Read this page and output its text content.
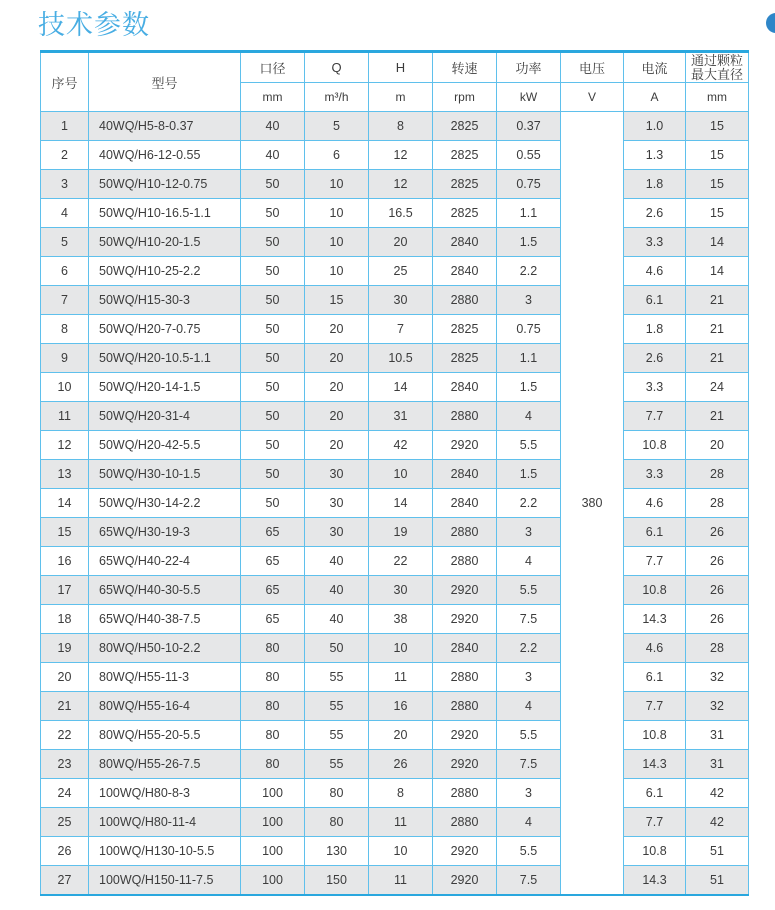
技术参数
序号	型号	口径	Q	H	转速	功率	电压	电流	通过颗粒最大直径
		mm	m³/h	m	rpm	kW	V	A	mm
1	40WQ/H5-8-0.37	40	5	8	2825	0.37	380	1.0	15
2	40WQ/H6-12-0.55	40	6	12	2825	0.55		1.3	15
3	50WQ/H10-12-0.75	50	10	12	2825	0.75		1.8	15
4	50WQ/H10-16.5-1.1	50	10	16.5	2825	1.1		2.6	15
5	50WQ/H10-20-1.5	50	10	20	2840	1.5		3.3	14
6	50WQ/H10-25-2.2	50	10	25	2840	2.2		4.6	14
7	50WQ/H15-30-3	50	15	30	2880	3		6.1	21
8	50WQ/H20-7-0.75	50	20	7	2825	0.75		1.8	21
9	50WQ/H20-10.5-1.1	50	20	10.5	2825	1.1		2.6	21
10	50WQ/H20-14-1.5	50	20	14	2840	1.5		3.3	24
11	50WQ/H20-31-4	50	20	31	2880	4		7.7	21
12	50WQ/H20-42-5.5	50	20	42	2920	5.5		10.8	20
13	50WQ/H30-10-1.5	50	30	10	2840	1.5		3.3	28
14	50WQ/H30-14-2.2	50	30	14	2840	2.2		4.6	28
15	65WQ/H30-19-3	65	30	19	2880	3		6.1	26
16	65WQ/H40-22-4	65	40	22	2880	4		7.7	26
17	65WQ/H40-30-5.5	65	40	30	2920	5.5		10.8	26
18	65WQ/H40-38-7.5	65	40	38	2920	7.5		14.3	26
19	80WQ/H50-10-2.2	80	50	10	2840	2.2		4.6	28
20	80WQ/H55-11-3	80	55	11	2880	3		6.1	32
21	80WQ/H55-16-4	80	55	16	2880	4		7.7	32
22	80WQ/H55-20-5.5	80	55	20	2920	5.5		10.8	31
23	80WQ/H55-26-7.5	80	55	26	2920	7.5		14.3	31
24	100WQ/H80-8-3	100	80	8	2880	3		6.1	42
25	100WQ/H80-11-4	100	80	11	2880	4		7.7	42
26	100WQ/H130-10-5.5	100	130	10	2920	5.5		10.8	51
27	100WQ/H150-11-7.5	100	150	11	2920	7.5		14.3	51
